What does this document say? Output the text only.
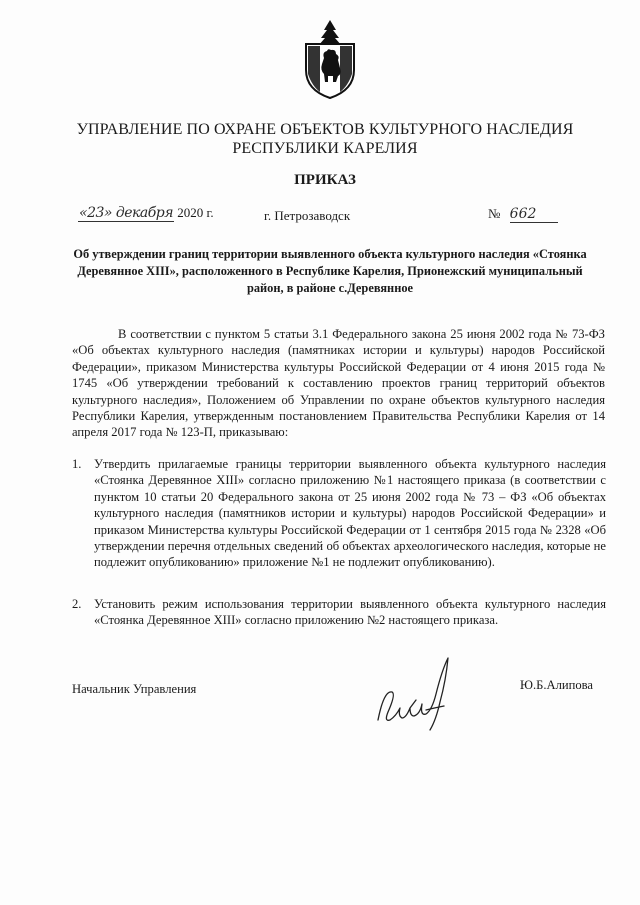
УПРАВЛЕНИЕ ПО ОХРАНЕ ОБЪЕКТОВ КУЛЬТУРНОГО НАСЛЕДИЯ
РЕСПУБЛИКИ КАРЕЛИЯ
ПРИКАЗ
«23» декабря 2020 г.	г. Петрозаводск	№ 662
Об утверждении границ территории выявленного объекта культурного наследия «Стоянка Деревянное XIII», расположенного в Республике Карелия, Прионежский муниципальный район, в районе с.Деревянное
В соответствии с пунктом 5 статьи 3.1 Федерального закона 25 июня 2002 года № 73-ФЗ «Об объектах культурного наследия (памятниках истории и культуры) народов Российской Федерации», приказом Министерства культуры Российской Федерации от 4 июня 2015 года № 1745 «Об утверждении требований к составлению проектов границ территорий объектов культурного наследия», Положением об Управлении по охране объектов культурного наследия Республики Карелия, утвержденным постановлением Правительства Республики Карелия от 14 апреля 2017 года № 123-П, приказываю:
1. Утвердить прилагаемые границы территории выявленного объекта культурного наследия «Стоянка Деревянное XIII» согласно приложению №1 настоящего приказа (в соответствии с пунктом 10 статьи 20 Федерального закона от 25 июня 2002 года № 73 – ФЗ «Об объектах культурного наследия (памятников истории и культуры) народов Российской Федерации» и приказом Министерства культуры Российской Федерации от 1 сентября 2015 года № 2328 «Об утверждении перечня отдельных сведений об объектах археологического наследия, которые не подлежит опубликованию» приложение №1 не подлежит опубликованию).
2. Установить режим использования территории выявленного объекта культурного наследия «Стоянка Деревянное XIII» согласно приложению №2 настоящего приказа.
Начальник Управления	Ю.Б.Алипова
